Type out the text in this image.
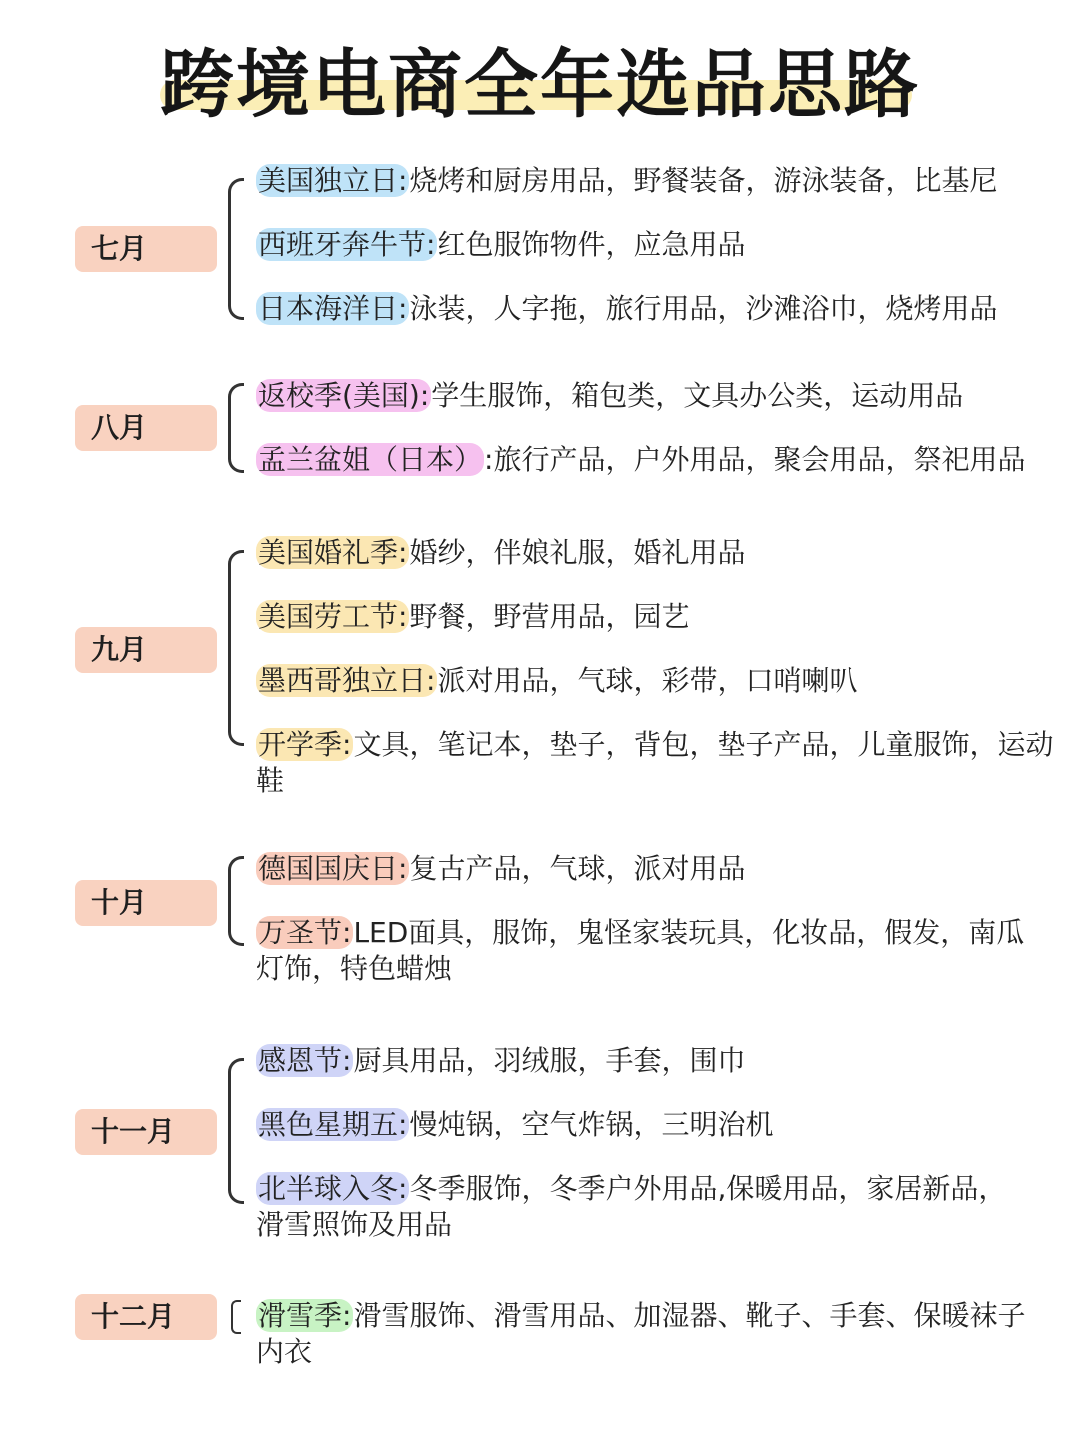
跨境电商全年选品思路
七月
美国独立日:烧烤和厨房用品，野餐装备，游泳装备，比基尼
西班牙奔牛节:红色服饰物件，应急用品
日本海洋日:泳装，人字拖，旅行用品，沙滩浴巾，烧烤用品
八月
返校季(美国):学生服饰，箱包类，文具办公类，运动用品
孟兰盆姐（日本）:旅行产品，户外用品，聚会用品，祭祀用品
九月
美国婚礼季:婚纱，伴娘礼服，婚礼用品
美国劳工节:野餐，野营用品，园艺
墨西哥独立日:派对用品，气球，彩带，口哨喇叭
开学季:文具，笔记本，垫子，背包，垫子产品，儿童服饰，运动鞋
十月
德国国庆日:复古产品，气球，派对用品
万圣节:LED面具，服饰，鬼怪家装玩具，化妆品，假发，南瓜灯饰，特色蜡烛
十一月
感恩节:厨具用品，羽绒服，手套，围巾
黑色星期五:慢炖锅，空气炸锅，三明治机
北半球入冬:冬季服饰，冬季户外用品,保暖用品，家居新品，滑雪照饰及用品
十二月	滑雪季:滑雪服饰、滑雪用品、加湿器、靴子、手套、保暖袜子内衣
